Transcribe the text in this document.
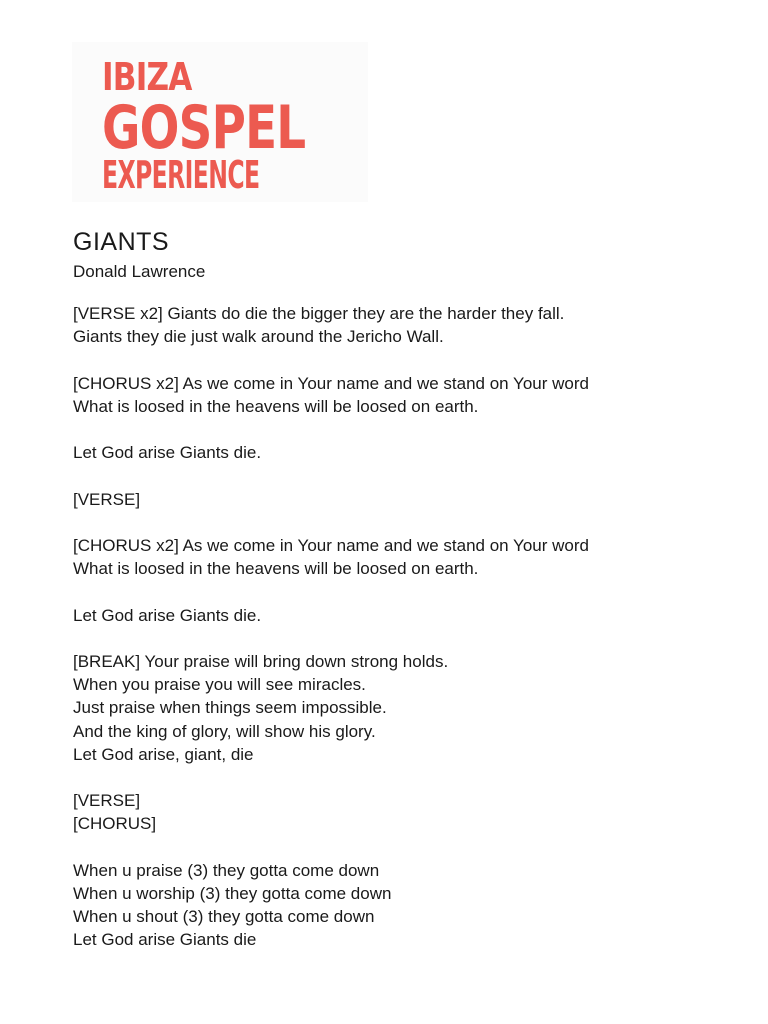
IBIZA
GOSPEL
EXPERIENCE
GIANTS
Donald Lawrence
[VERSE x2] Giants do die the bigger they are the harder they fall.
Giants they die just walk around the Jericho Wall.
[CHORUS x2] As we come in Your name and we stand on Your word
What is loosed in the heavens will be loosed on earth.
Let God arise Giants die.
[VERSE]
[CHORUS x2] As we come in Your name and we stand on Your word
What is loosed in the heavens will be loosed on earth.
Let God arise Giants die.
[BREAK] Your praise will bring down strong holds.
When you praise you will see miracles.
Just praise when things seem impossible.
And the king of glory, will show his glory.
Let God arise, giant, die
[VERSE]
[CHORUS]
When u praise (3) they gotta come down
When u worship (3) they gotta come down
When u shout (3) they gotta come down
Let God arise Giants die
